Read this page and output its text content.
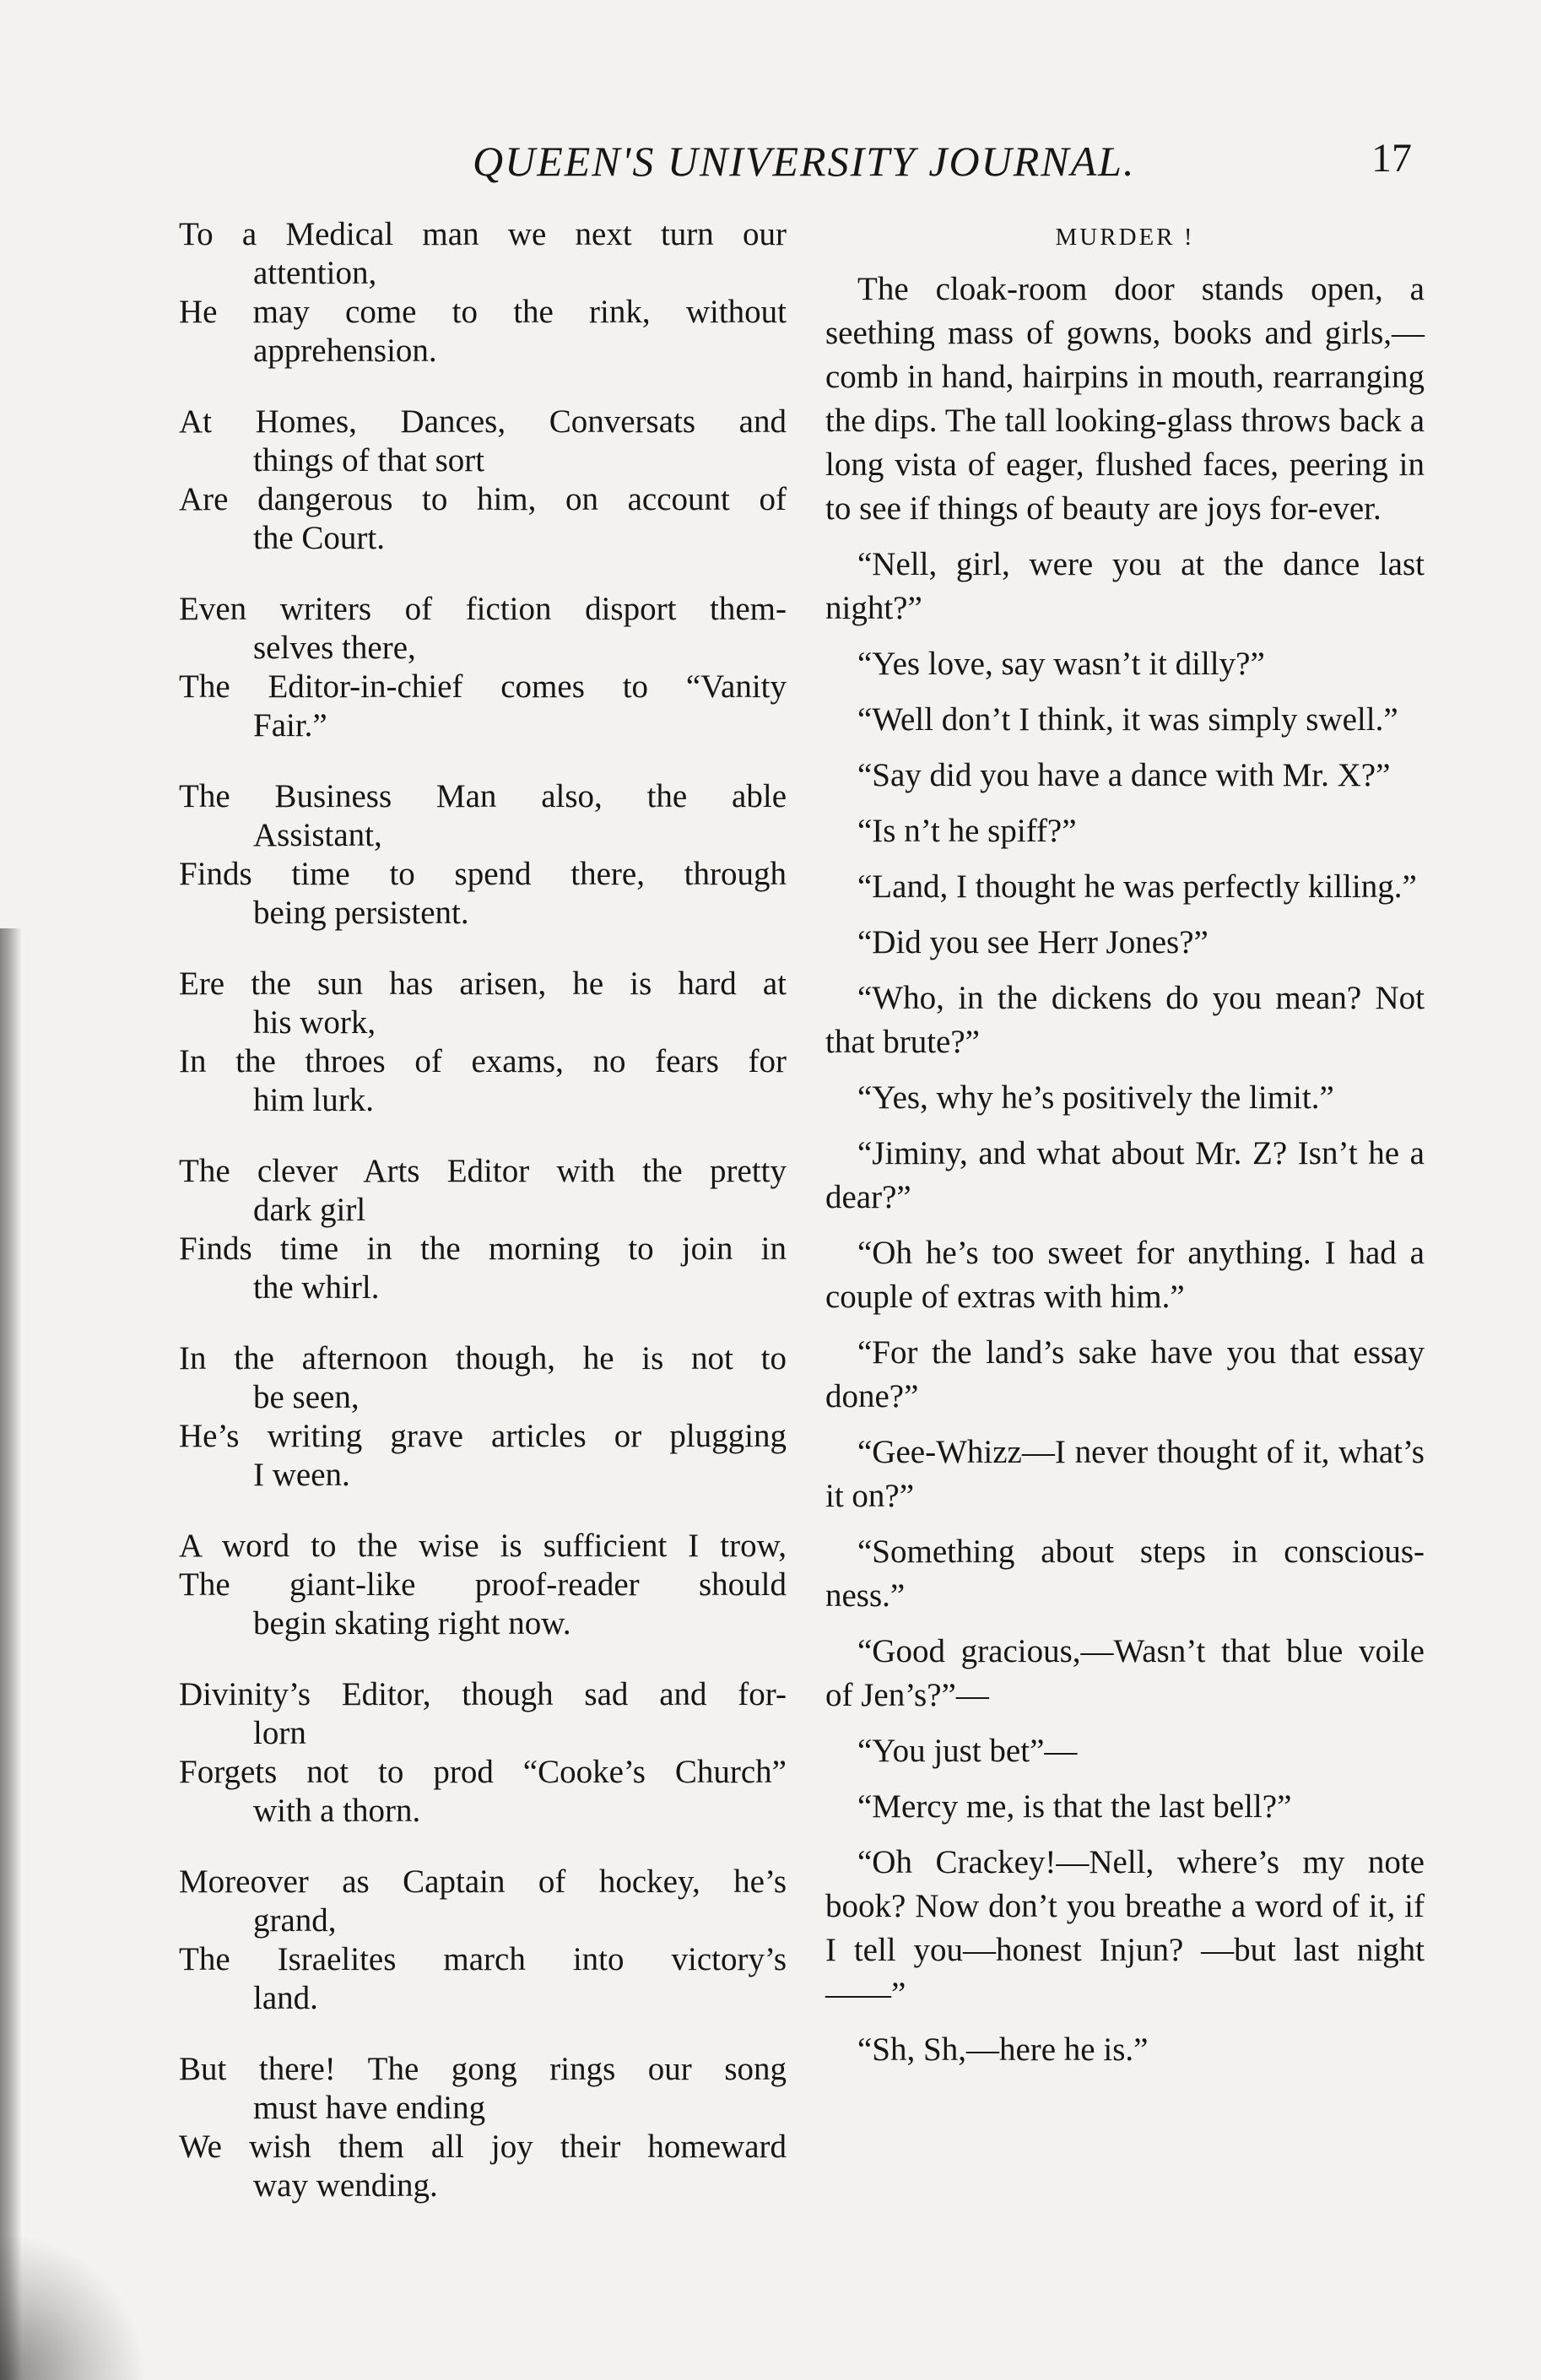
QUEEN'S UNIVERSITY JOURNAL.	17
To a Medical man we next turn our
attention,
He may come to the rink, without
apprehension.
At Homes, Dances, Conversats and
things of that sort
Are dangerous to him, on account of
the Court.
Even writers of fiction disport them-
selves there,
The Editor-in-chief comes to “Vanity
Fair.”
The Business Man also, the able
Assistant,
Finds time to spend there, through
being persistent.
Ere the sun has arisen, he is hard at
his work,
In the throes of exams, no fears for
him lurk.
The clever Arts Editor with the pretty
dark girl
Finds time in the morning to join in
the whirl.
In the afternoon though, he is not to
be seen,
He’s writing grave articles or plugging
I ween.
A word to the wise is sufficient I trow,
The giant-like proof-reader should
begin skating right now.
Divinity’s Editor, though sad and for-
lorn
Forgets not to prod “Cooke’s Church”
with a thorn.
Moreover as Captain of hockey, he’s
grand,
The Israelites march into victory’s
land.
But there! The gong rings our song
must have ending
We wish them all joy their homeward
way wending.
MURDER !

The cloak-room door stands open, a seething mass of gowns, books and girls,—comb in hand, hairpins in mouth, rearranging the dips. The tall looking-glass throws back a long vista of eager, flushed faces, peering in to see if things of beauty are joys for-ever.

“Nell, girl, were you at the dance last night?”

“Yes love, say wasn’t it dilly?”

“Well don’t I think, it was simply swell.”

“Say did you have a dance with Mr. X?”

“Is n’t he spiff?”

“Land, I thought he was perfectly killing.”

“Did you see Herr Jones?”

“Who, in the dickens do you mean? Not that brute?”

“Yes, why he’s positively the limit.”

“Jiminy, and what about Mr. Z? Isn’t he a dear?”

“Oh he’s too sweet for anything. I had a couple of extras with him.”

“For the land’s sake have you that essay done?”

“Gee-Whizz—I never thought of it, what’s it on?”

“Something about steps in conscious-ness.”

“Good gracious,—Wasn’t that blue voile of Jen’s?”—

“You just bet”—

“Mercy me, is that the last bell?”

“Oh Crackey!—Nell, where’s my note book? Now don’t you breathe a word of it, if I tell you—honest Injun? —but last night——”

“Sh, Sh,—here he is.”
